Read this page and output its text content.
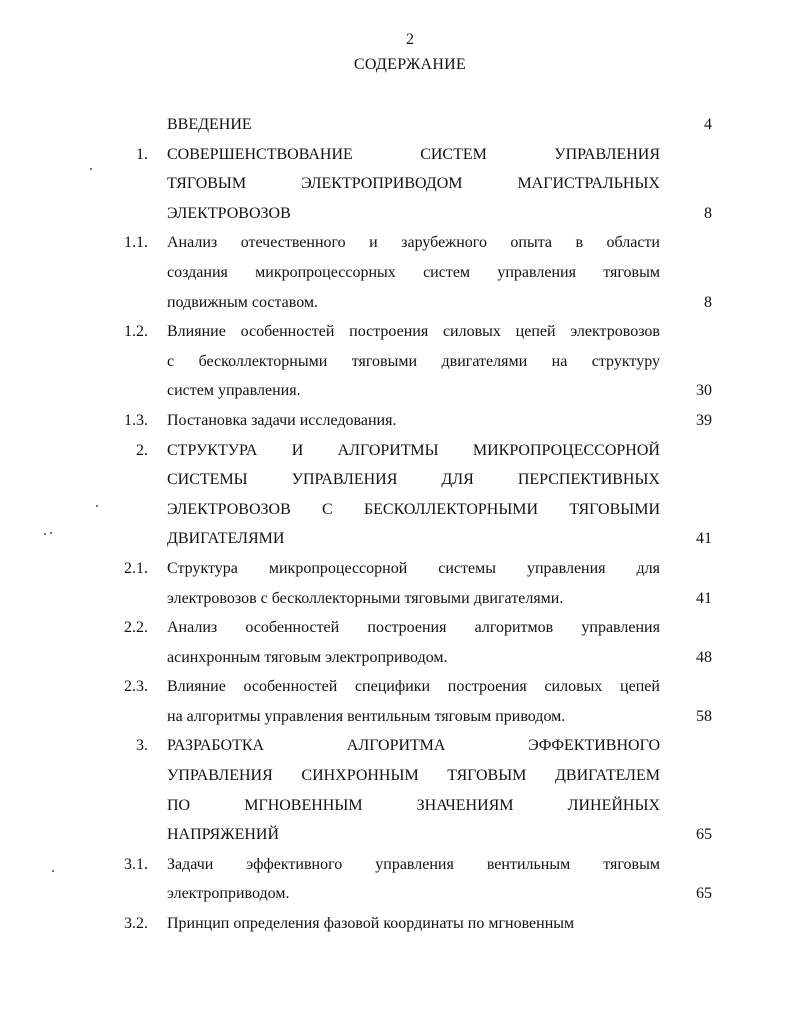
2
СОДЕРЖАНИЕ
ВВЕДЕНИЕ	4
1. СОВЕРШЕНСТВОВАНИЕ	СИСТЕМ	УПРАВЛЕНИЯ
ТЯГОВЫМ	ЭЛЕКТРОПРИВОДОМ	МАГИСТРАЛЬНЫХ
ЭЛЕКТРОВОЗОВ	8
1.1. Анализ отечественного и зарубежного опыта в области
создания микропроцессорных систем управления тяговым
подвижным составом.	8
1.2. Влияние особенностей построения силовых цепей электровозов
с бесколлекторными тяговыми двигателями на структуру
систем управления.	30
1.3. Постановка задачи исследования.	39
2. СТРУКТУРА И АЛГОРИТМЫ МИКРОПРОЦЕССОРНОЙ
СИСТЕМЫ	УПРАВЛЕНИЯ	ДЛЯ	ПЕРСПЕКТИВНЫХ
ЭЛЕКТРОВОЗОВ С БЕСКОЛЛЕКТОРНЫМИ ТЯГОВЫМИ
ДВИГАТЕЛЯМИ	41
2.1. Структура микропроцессорной системы управления для
электровозов с бесколлекторными тяговыми двигателями.	41
2.2. Анализ особенностей построения алгоритмов управления
асинхронным тяговым электроприводом.	48
2.3. Влияние особенностей специфики построения силовых цепей
на алгоритмы управления вентильным тяговым приводом.	58
3. РАЗРАБОТКА	АЛГОРИТМА	ЭФФЕКТИВНОГО
УПРАВЛЕНИЯ СИНХРОННЫМ ТЯГОВЫМ ДВИГАТЕЛЕМ
ПО	МГНОВЕННЫМ	ЗНАЧЕНИЯМ	ЛИНЕЙНЫХ
НАПРЯЖЕНИЙ	65
3.1. Задачи эффективного управления вентильным тяговым
электроприводом.	65
3.2. Принцип определения фазовой координаты по мгновенным
